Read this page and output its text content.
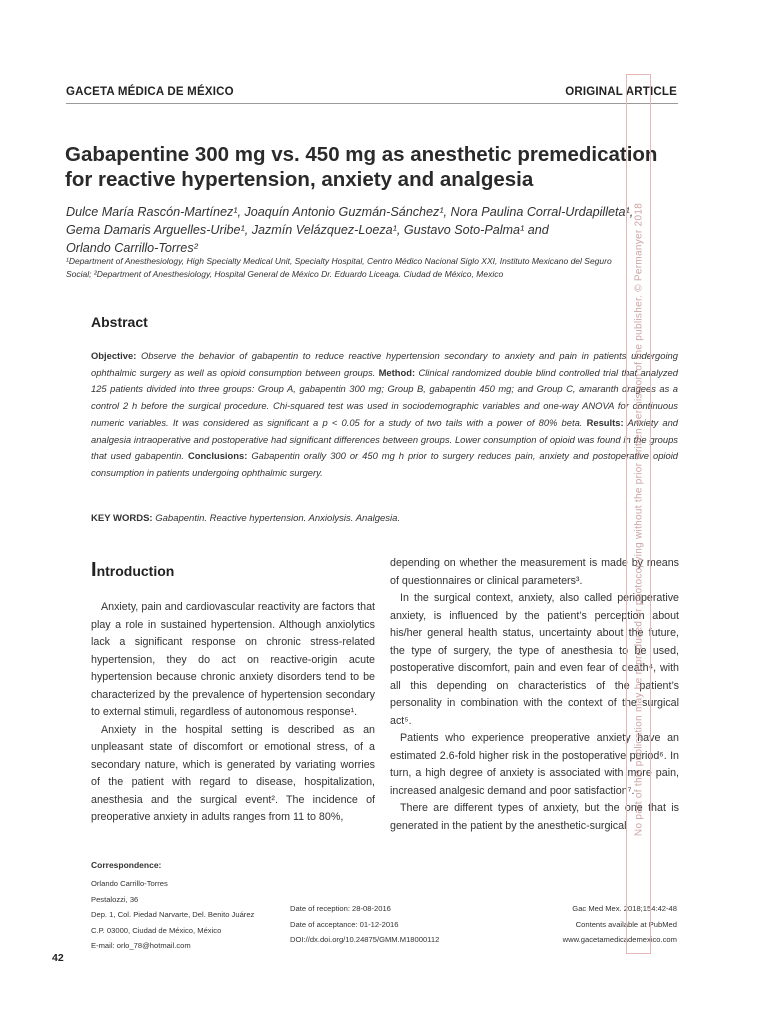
GACETA MÉDICA DE MÉXICO	ORIGINAL ARTICLE
Gabapentine 300 mg vs. 450 mg as anesthetic premedication
for reactive hypertension, anxiety and analgesia
Dulce María Rascón-Martínez¹, Joaquín Antonio Guzmán-Sánchez¹, Nora Paulina Corral-Urdapilleta¹,
Gema Damaris Arguelles-Uribe¹, Jazmín Velázquez-Loeza¹, Gustavo Soto-Palma¹ and
Orlando Carrillo-Torres²
¹Department of Anesthesiology, High Specialty Medical Unit, Specialty Hospital, Centro Médico Nacional Siglo XXI, Instituto Mexicano del Seguro
Social; ²Department of Anesthesiology, Hospital General de México Dr. Eduardo Liceaga. Ciudad de México, Mexico
Abstract
Objective: Observe the behavior of gabapentin to reduce reactive hypertension secondary to anxiety and pain in patients undergoing ophthalmic surgery as well as opioid consumption between groups. Method: Clinical randomized double blind controlled trial that analyzed 125 patients divided into three groups: Group A, gabapentin 300 mg; Group B, gabapentin 450 mg; and Group C, amaranth dragees as a control 2 h before the surgical procedure. Chi-squared test was used in sociodemographic variables and one-way ANOVA for continuous numeric variables. It was considered as significant a p < 0.05 for a study of two tails with a power of 80% beta. Results: Anxiety and analgesia intraoperative and postoperative had significant differences between groups. Lower consumption of opioid was found in the groups that used gabapentin. Conclusions: Gabapentin orally 300 or 450 mg h prior to surgery reduces pain, anxiety and postoperative opioid consumption in patients undergoing ophthalmic surgery.
KEY WORDS: Gabapentin. Reactive hypertension. Anxiolysis. Analgesia.
Introduction

Anxiety, pain and cardiovascular reactivity are factors that play a role in sustained hypertension. Although anxiolytics lack a significant response on chronic stress-related hypertension, they do act on reactive-origin acute hypertension because chronic anxiety disorders tend to be characterized by the prevalence of hypertension secondary to external stimuli, regardless of autonomous response¹.

Anxiety in the hospital setting is described as an unpleasant state of discomfort or emotional stress, of a secondary nature, which is generated by variating worries of the patient with regard to disease, hospitalization, anesthesia and the surgical event². The incidence of preoperative anxiety in adults ranges from 11 to 80%,

depending on whether the measurement is made by means of questionnaires or clinical parameters³.

In the surgical context, anxiety, also called perioperative anxiety, is influenced by the patient’s perception about his/her general health status, uncertainty about the future, the type of surgery, the type of anesthesia to be used, postoperative discomfort, pain and even fear of death⁴, with all this depending on characteristics of the patient’s personality in combination with the context of the surgical act⁵.

Patients who experience preoperative anxiety have an estimated 2.6-fold higher risk in the postoperative period⁶. In turn, a high degree of anxiety is associated with more pain, increased analgesic demand and poor satisfaction⁷.

There are different types of anxiety, but the one that is generated in the patient by the anesthetic-surgical

Correspondence:
Orlando Carrillo-Torres
Pestalozzi, 36
Dep. 1, Col. Piedad Narvarte, Del. Benito Juárez
C.P. 03000, Ciudad de México, México
E-mail: orlo_78@hotmail.com
Date of reception: 28-08-2016
Date of acceptance: 01-12-2016
DOI://dx.doi.org/10.24875/GMM.M18000112
Gac Med Mex. 2018;154:42-48
Contents available at PubMed
www.gacetamedicademexico.com
42
No part of this publication may be reproduced or photocopying without the prior written permission of the publisher. © Permanyer 2018
